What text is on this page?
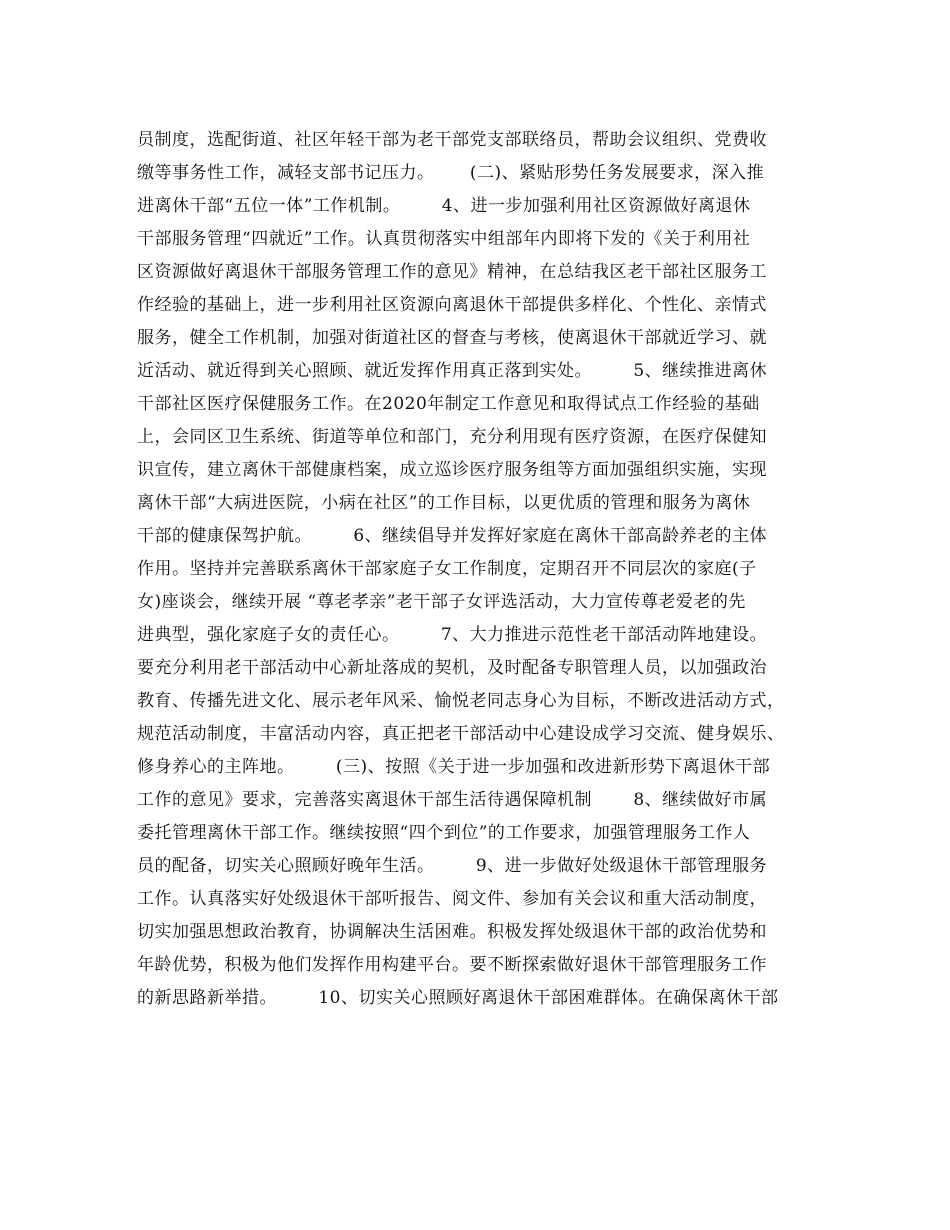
员制度，选配街道、社区年轻干部为老干部党支部联络员，帮助会议组织、党费收
缴等事务性工作，减轻支部书记压力。      (二)、紧贴形势任务发展要求，深入推
进离休干部“五位一体”工作机制。       4、进一步加强利用社区资源做好离退休
干部服务管理“四就近”工作。认真贯彻落实中组部年内即将下发的《关于利用社
区资源做好离退休干部服务管理工作的意见》精神，在总结我区老干部社区服务工
作经验的基础上，进一步利用社区资源向离退休干部提供多样化、个性化、亲情式
服务，健全工作机制，加强对街道社区的督查与考核，使离退休干部就近学习、就
近活动、就近得到关心照顾、就近发挥作用真正落到实处。       5、继续推进离休
干部社区医疗保健服务工作。在2020年制定工作意见和取得试点工作经验的基础
上，会同区卫生系统、街道等单位和部门，充分利用现有医疗资源，在医疗保健知
识宣传，建立离休干部健康档案，成立巡诊医疗服务组等方面加强组织实施，实现
离休干部“大病进医院，小病在社区”的工作目标，以更优质的管理和服务为离休
干部的健康保驾护航。       6、继续倡导并发挥好家庭在离休干部高龄养老的主体
作用。坚持并完善联系离休干部家庭子女工作制度，定期召开不同层次的家庭(子
女)座谈会，继续开展 “尊老孝亲”老干部子女评选活动，大力宣传尊老爱老的先
进典型，强化家庭子女的责任心。       7、大力推进示范性老干部活动阵地建设。
要充分利用老干部活动中心新址落成的契机，及时配备专职管理人员，以加强政治
教育、传播先进文化、展示老年风采、愉悦老同志身心为目标，不断改进活动方式，
规范活动制度，丰富活动内容，真正把老干部活动中心建设成学习交流、健身娱乐、
修身养心的主阵地。       (三)、按照《关于进一步加强和改进新形势下离退休干部
工作的意见》要求，完善落实离退休干部生活待遇保障机制       8、继续做好市属
委托管理离休干部工作。继续按照“四个到位”的工作要求，加强管理服务工作人
员的配备，切实关心照顾好晚年生活。       9、进一步做好处级退休干部管理服务
工作。认真落实好处级退休干部听报告、阅文件、参加有关会议和重大活动制度，
切实加强思想政治教育，协调解决生活困难。积极发挥处级退休干部的政治优势和
年龄优势，积极为他们发挥作用构建平台。要不断探索做好退休干部管理服务工作
的新思路新举措。       10、切实关心照顾好离退休干部困难群体。在确保离休干部
